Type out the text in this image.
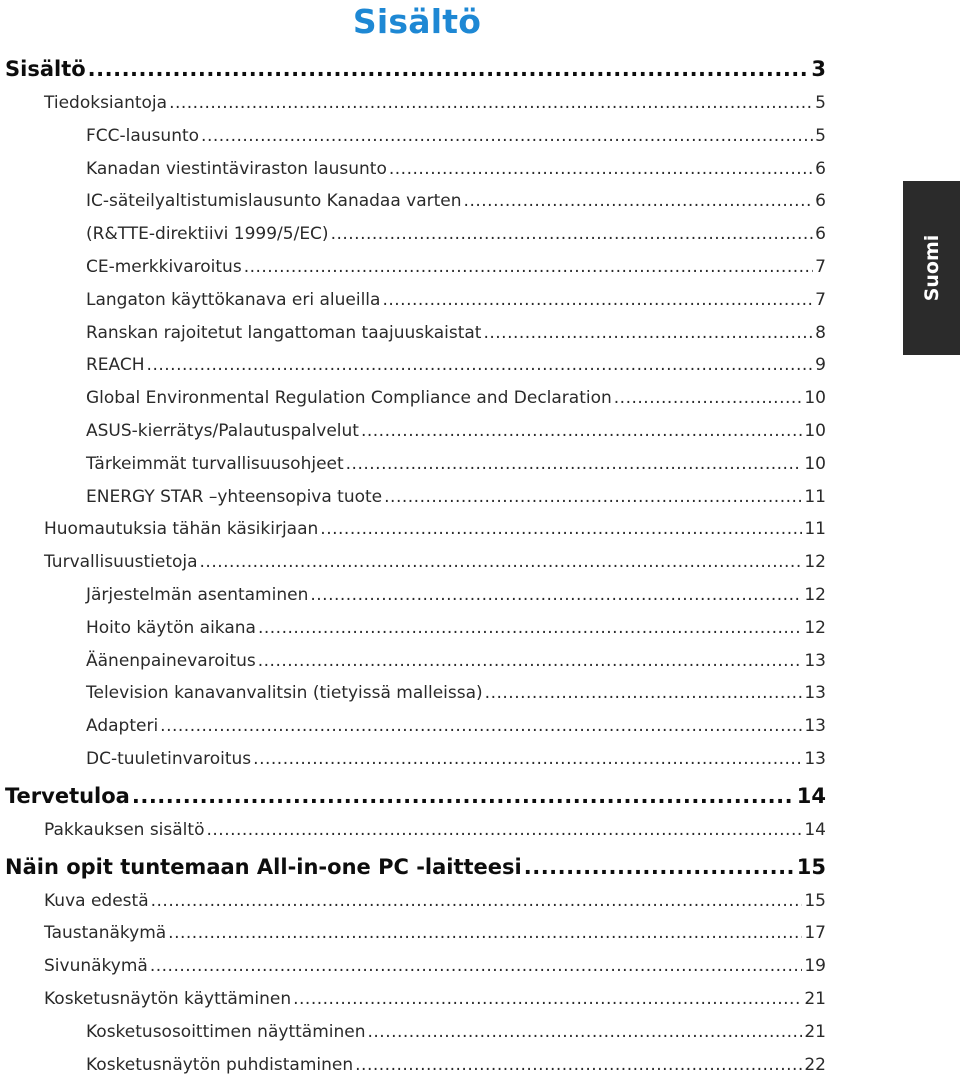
Sisältö
Sisältö .....	3
Tiedoksiantoja .....	5
FCC-lausunto .....	5
Kanadan viestintäviraston lausunto .....	6
IC-säteilyaltistumislausunto Kanadaa varten .....	6
(R&TTE-direktiivi 1999/5/EC) .....	6
CE-merkkivaroitus .....	7
Langaton käyttökanava eri alueilla .....	7
Ranskan rajoitetut langattoman taajuuskaistat .....	8
REACH .....	9
Global Environmental Regulation Compliance and Declaration .....	10
ASUS-kierrätys/Palautuspalvelut .....	10
Tärkeimmät turvallisuusohjeet .....	10
ENERGY STAR –yhteensopiva tuote .....	11
Huomautuksia tähän käsikirjaan .....	11
Turvallisuustietoja .....	12
Järjestelmän asentaminen .....	12
Hoito käytön aikana .....	12
Äänenpainevaroitus .....	13
Television kanavanvalitsin (tietyissä malleissa) .....	13
Adapteri .....	13
DC-tuuletinvaroitus .....	13
Tervetuloa .....	14
Pakkauksen sisältö .....	14
Näin opit tuntemaan All-in-one PC -laitteesi .....	15
Kuva edestä .....	15
Taustanäkymä .....	17
Sivunäkymä .....	19
Kosketusnäytön käyttäminen .....	21
Kosketusosoittimen näyttäminen .....	21
Kosketusnäytön puhdistaminen .....	22
Suomi
